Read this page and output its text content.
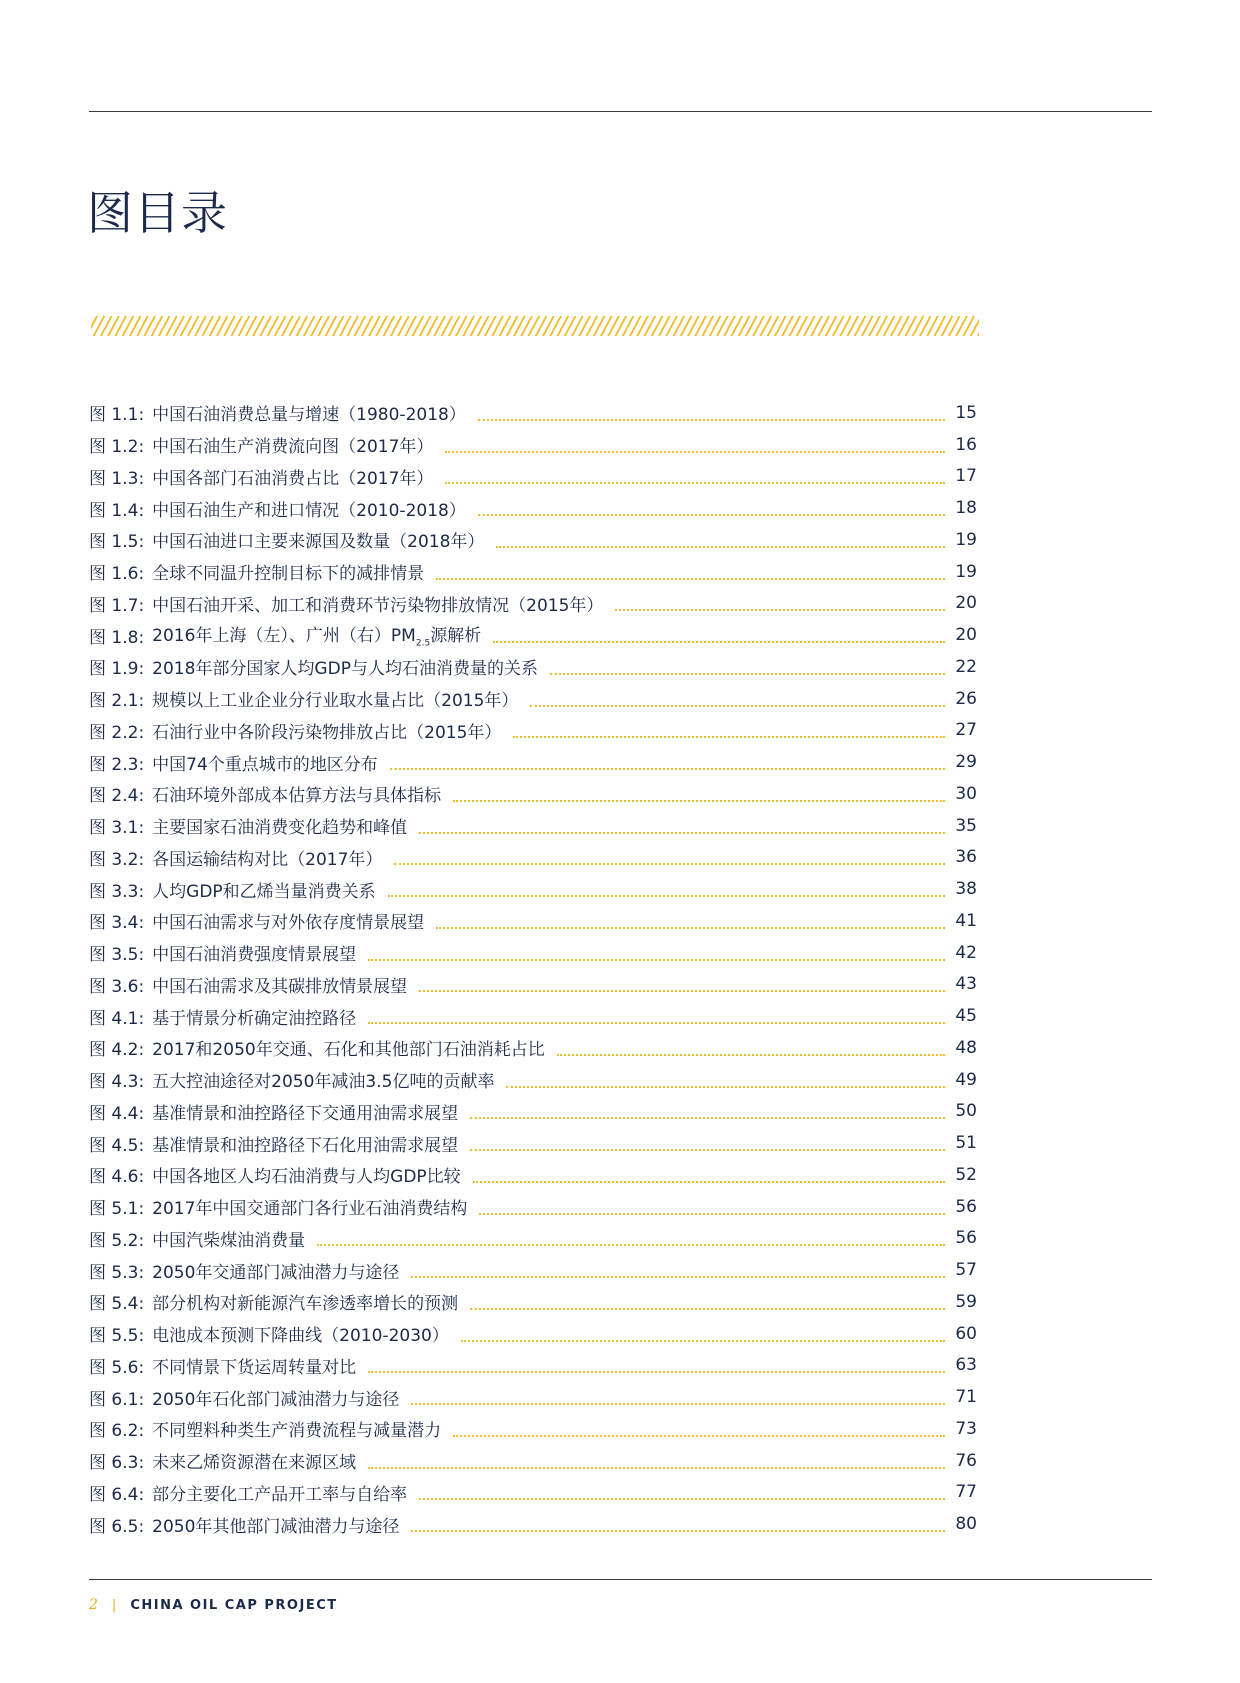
图目录
图 1.1: 中国石油消费总量与增速（1980-2018）	15
图 1.2: 中国石油生产消费流向图（2017年）	16
图 1.3: 中国各部门石油消费占比（2017年）	17
图 1.4: 中国石油生产和进口情况（2010-2018）	18
图 1.5: 中国石油进口主要来源国及数量（2018年）	19
图 1.6: 全球不同温升控制目标下的减排情景	19
图 1.7: 中国石油开采、加工和消费环节污染物排放情况（2015年）	20
图 1.8: 2016年上海（左）、广州（右）$PM_{2.5}$源解析	20
图 1.9: 2018年部分国家人均GDP与人均石油消费量的关系	22
图 2.1: 规模以上工业企业分行业取水量占比（2015年）	26
图 2.2: 石油行业中各阶段污染物排放占比（2015年）	27
图 2.3: 中国74个重点城市的地区分布	29
图 2.4: 石油环境外部成本估算方法与具体指标	30
图 3.1: 主要国家石油消费变化趋势和峰值	35
图 3.2: 各国运输结构对比（2017年）	36
图 3.3: 人均GDP和乙烯当量消费关系	38
图 3.4: 中国石油需求与对外依存度情景展望	41
图 3.5: 中国石油消费强度情景展望	42
图 3.6: 中国石油需求及其碳排放情景展望	43
图 4.1: 基于情景分析确定油控路径	45
图 4.2: 2017和2050年交通、石化和其他部门石油消耗占比	48
图 4.3: 五大控油途径对2050年减油3.5亿吨的贡献率	49
图 4.4: 基准情景和油控路径下交通用油需求展望	50
图 4.5: 基准情景和油控路径下石化用油需求展望	51
图 4.6: 中国各地区人均石油消费与人均GDP比较	52
图 5.1: 2017年中国交通部门各行业石油消费结构	56
图 5.2: 中国汽柴煤油消费量	56
图 5.3: 2050年交通部门减油潜力与途径	57
图 5.4: 部分机构对新能源汽车渗透率增长的预测	59
图 5.5: 电池成本预测下降曲线（2010-2030）	60
图 5.6: 不同情景下货运周转量对比	63
图 6.1: 2050年石化部门减油潜力与途径	71
图 6.2: 不同塑料种类生产消费流程与减量潜力	73
图 6.3: 未来乙烯资源潜在来源区域	76
图 6.4: 部分主要化工产品开工率与自给率	77
图 6.5: 2050年其他部门减油潜力与途径	80
2 | CHINA OIL CAP PROJECT
